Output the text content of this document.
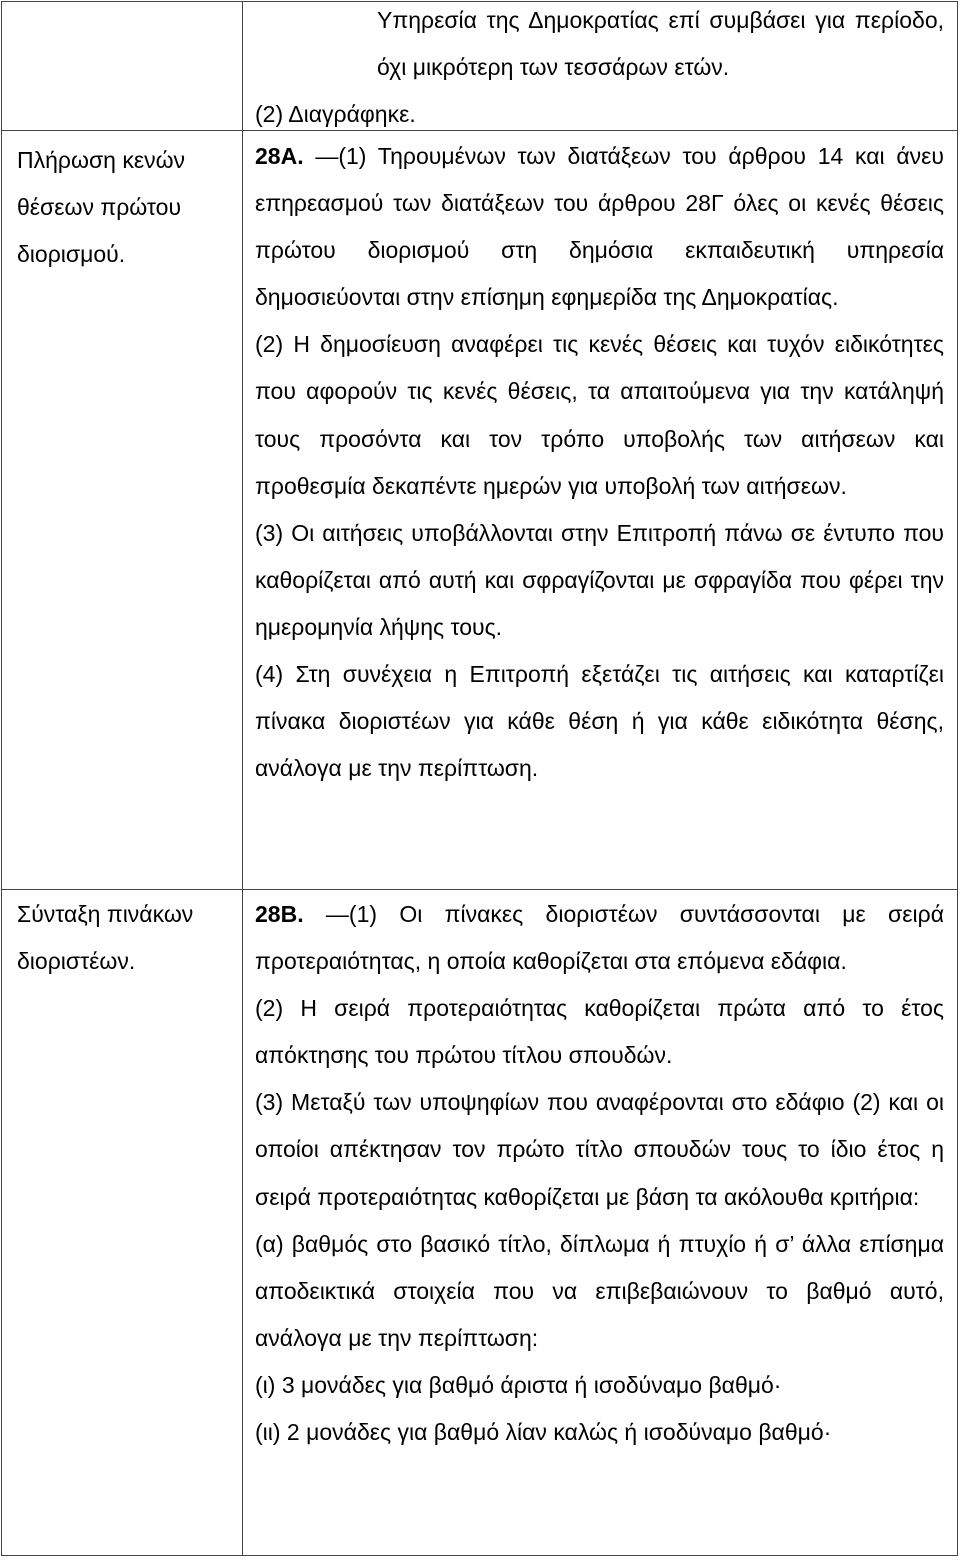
Πλήρωση κενών
θέσεων πρώτου
διορισμού.
Σύνταξη πινάκων
διοριστέων.

Υπηρεσία της Δημοκρατίας επί συμβάσει για περίοδο, όχι μικρότερη των τεσσάρων ετών.

(2) Διαγράφηκε.

28Α. —(1) Τηρουμένων των διατάξεων του άρθρου 14 και άνευ επηρεασμού των διατάξεων του άρθρου 28Γ όλες οι κενές θέσεις πρώτου διορισμού στη δημόσια εκπαιδευτική υπηρεσία δημοσιεύονται στην επίσημη εφημερίδα της Δημοκρατίας.

(2) Η δημοσίευση αναφέρει τις κενές θέσεις και τυχόν ειδικότητες που αφορούν τις κενές θέσεις, τα απαιτούμενα για την κατάληψή τους προσόντα και τον τρόπο υποβολής των αιτήσεων και προθεσμία δεκαπέντε ημερών για υποβολή των αιτήσεων.

(3) Οι αιτήσεις υποβάλλονται στην Επιτροπή πάνω σε έντυπο που καθορίζεται από αυτή και σφραγίζονται με σφραγίδα που φέρει την ημερομηνία λήψης τους.

(4) Στη συνέχεια η Επιτροπή εξετάζει τις αιτήσεις και καταρτίζει πίνακα διοριστέων για κάθε θέση ή για κάθε ειδικότητα θέσης, ανάλογα με την περίπτωση.

28Β. —(1) Οι πίνακες διοριστέων συντάσσονται με σειρά προτεραιότητας, η οποία καθορίζεται στα επόμενα εδάφια.

(2) Η σειρά προτεραιότητας καθορίζεται πρώτα από το έτος απόκτησης του πρώτου τίτλου σπουδών.

(3) Μεταξύ των υποψηφίων που αναφέρονται στο εδάφιο (2) και οι οποίοι απέκτησαν τον πρώτο τίτλο σπουδών τους το ίδιο έτος η σειρά προτεραιότητας καθορίζεται με βάση τα ακόλουθα κριτήρια:

(α) βαθμός στο βασικό τίτλο, δίπλωμα ή πτυχίο ή σ’ άλλα επίσημα αποδεικτικά στοιχεία που να επιβεβαιώνουν το βαθμό αυτό, ανάλογα με την περίπτωση:

(ι) 3 μονάδες για βαθμό άριστα ή ισοδύναμο βαθμό·

(ιι) 2 μονάδες για βαθμό λίαν καλώς ή ισοδύναμο βαθμό·
